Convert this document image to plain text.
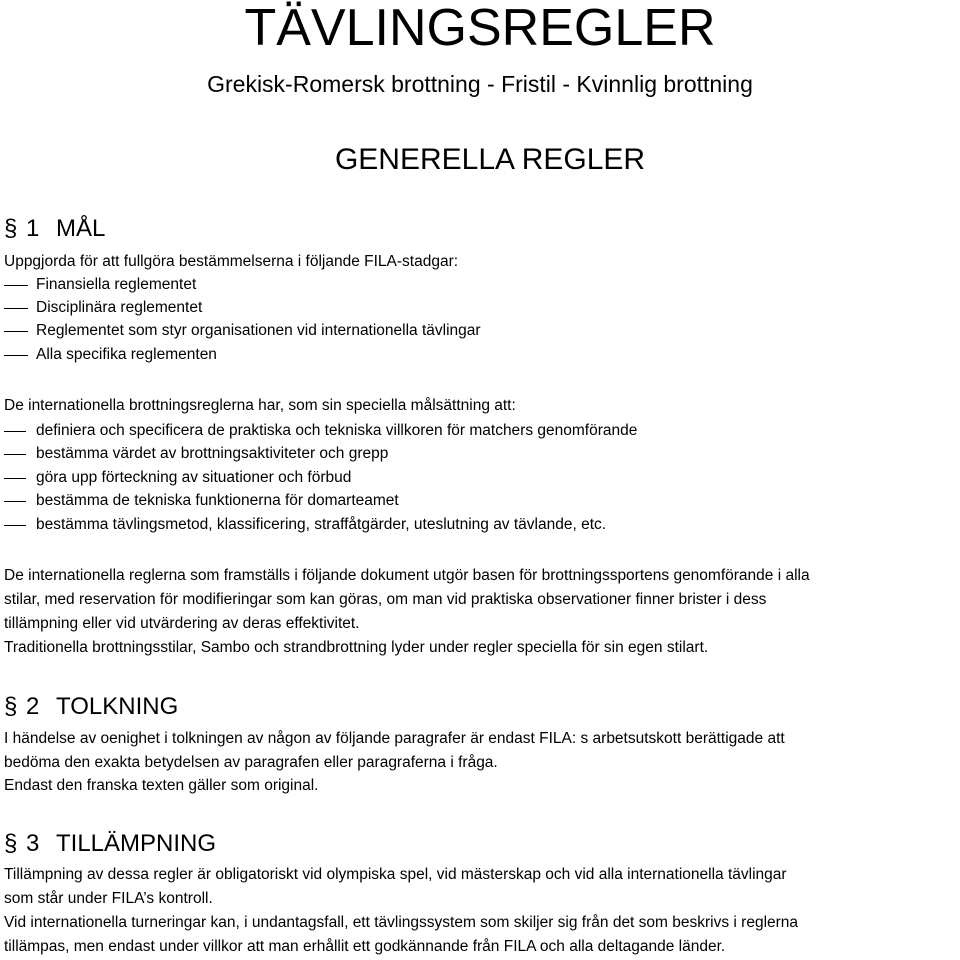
TÄVLINGSREGLER
Grekisk-Romersk brottning - Fristil - Kvinnlig brottning
GENERELLA REGLER
§ 1 MÅL
Uppgjorda för att fullgöra bestämmelserna i följande FILA-stadgar:
Finansiella reglementet
Disciplinära reglementet
Reglementet som styr organisationen vid internationella tävlingar
Alla specifika reglementen
De internationella brottningsreglerna har, som sin speciella målsättning att:
definiera och specificera de praktiska och tekniska villkoren för matchers genomförande
bestämma värdet av brottningsaktiviteter och grepp
göra upp förteckning av situationer och förbud
bestämma de tekniska funktionerna för domarteamet
bestämma tävlingsmetod, klassificering, straffåtgärder, uteslutning av tävlande, etc.
De internationella reglerna som framställs i följande dokument utgör basen för brottningssportens genomförande i alla
stilar, med reservation för modifieringar som kan göras, om man vid praktiska observationer finner brister i dess
tillämpning eller vid utvärdering av deras effektivitet.
Traditionella brottningsstilar, Sambo och strandbrottning lyder under regler speciella för sin egen stilart.
§ 2 TOLKNING
I händelse av oenighet i tolkningen av någon av följande paragrafer är endast FILA: s arbetsutskott berättigade att
bedöma den exakta betydelsen av paragrafen eller paragraferna i fråga.
Endast den franska texten gäller som original.
§ 3 TILLÄMPNING
Tillämpning av dessa regler är obligatoriskt vid olympiska spel, vid mästerskap och vid alla internationella tävlingar
som står under FILA’s kontroll.
Vid internationella turneringar kan, i undantagsfall, ett tävlingssystem som skiljer sig från det som beskrivs i reglerna
tillämpas, men endast under villkor att man erhållit ett godkännande från FILA och alla deltagande länder.
